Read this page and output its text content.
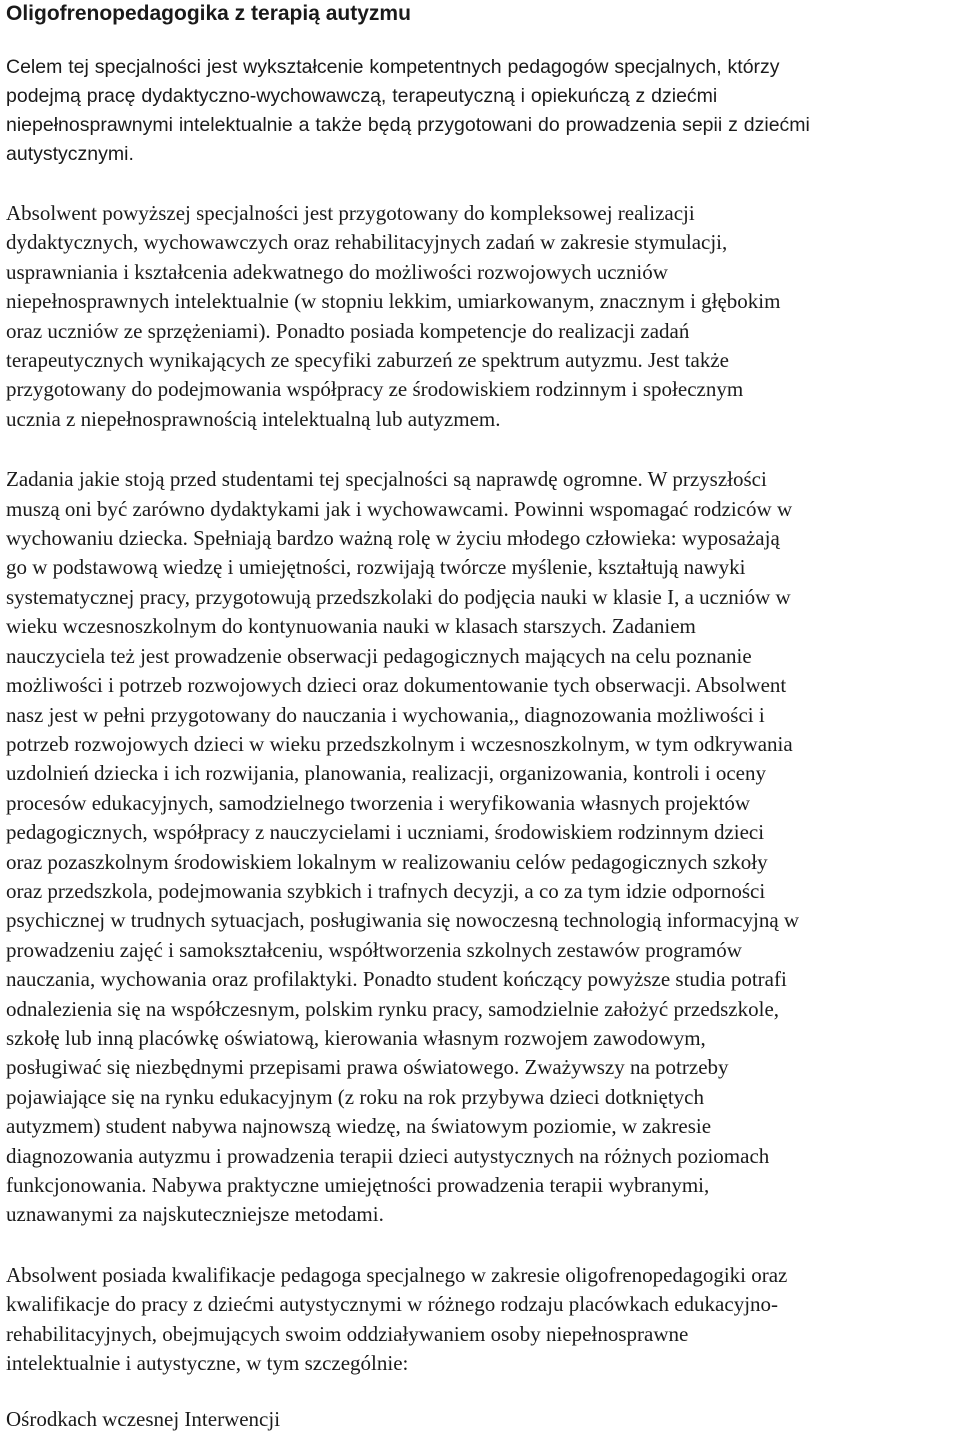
Oligofrenopedagogika z terapią autyzmu

Celem tej specjalności jest wykształcenie kompetentnych pedagogów specjalnych, którzy
podejmą pracę dydaktyczno-wychowawczą, terapeutyczną i opiekuńczą z dziećmi
niepełnosprawnymi intelektualnie a także będą przygotowani do prowadzenia sepii z dziećmi
autystycznymi.

Absolwent powyższej specjalności jest przygotowany do kompleksowej realizacji
dydaktycznych, wychowawczych oraz rehabilitacyjnych zadań w zakresie stymulacji,
usprawniania i kształcenia adekwatnego do możliwości rozwojowych uczniów
niepełnosprawnych intelektualnie (w stopniu lekkim, umiarkowanym, znacznym i głębokim
oraz uczniów ze sprzężeniami). Ponadto posiada kompetencje do realizacji zadań
terapeutycznych wynikających ze specyfiki zaburzeń ze spektrum autyzmu. Jest także
przygotowany do podejmowania współpracy ze środowiskiem rodzinnym i społecznym
ucznia z niepełnosprawnością intelektualną lub autyzmem.

Zadania jakie stoją przed studentami tej specjalności są naprawdę ogromne. W przyszłości
muszą oni być zarówno dydaktykami jak i wychowawcami. Powinni wspomagać rodziców w
wychowaniu dziecka. Spełniają bardzo ważną rolę w życiu młodego człowieka: wyposażają
go w podstawową wiedzę i umiejętności, rozwijają twórcze myślenie, kształtują nawyki
systematycznej pracy, przygotowują przedszkolaki do podjęcia nauki w klasie I, a uczniów w
wieku wczesnoszkolnym do kontynuowania nauki w klasach starszych. Zadaniem
nauczyciela też jest prowadzenie obserwacji pedagogicznych mających na celu poznanie
możliwości i potrzeb rozwojowych dzieci oraz dokumentowanie tych obserwacji. Absolwent
nasz jest w pełni przygotowany do nauczania i wychowania,, diagnozowania możliwości i
potrzeb rozwojowych dzieci w wieku przedszkolnym i wczesnoszkolnym, w tym odkrywania
uzdolnień dziecka i ich rozwijania, planowania, realizacji, organizowania, kontroli i oceny
procesów edukacyjnych, samodzielnego tworzenia i weryfikowania własnych projektów
pedagogicznych, współpracy z nauczycielami i uczniami, środowiskiem rodzinnym dzieci
oraz pozaszkolnym środowiskiem lokalnym w realizowaniu celów pedagogicznych szkoły
oraz przedszkola, podejmowania szybkich i trafnych decyzji, a co za tym idzie odporności
psychicznej w trudnych sytuacjach, posługiwania się nowoczesną technologią informacyjną w
prowadzeniu zajęć i samokształceniu, współtworzenia szkolnych zestawów programów
nauczania, wychowania oraz profilaktyki. Ponadto student kończący powyższe studia potrafi
odnalezienia się na współczesnym, polskim rynku pracy, samodzielnie założyć przedszkole,
szkołę lub inną placówkę oświatową, kierowania własnym rozwojem zawodowym,
posługiwać się niezbędnymi przepisami prawa oświatowego. Zważywszy na potrzeby
pojawiające się na rynku edukacyjnym (z roku na rok przybywa dzieci dotkniętych
autyzmem) student nabywa najnowszą wiedzę, na światowym poziomie, w zakresie
diagnozowania autyzmu i prowadzenia terapii dzieci autystycznych na różnych poziomach
funkcjonowania. Nabywa praktyczne umiejętności prowadzenia terapii wybranymi,
uznawanymi za najskuteczniejsze metodami.

Absolwent posiada kwalifikacje pedagoga specjalnego w zakresie oligofrenopedagogiki oraz
kwalifikacje do pracy z dziećmi autystycznymi w różnego rodzaju placówkach edukacyjno-
rehabilitacyjnych, obejmujących swoim oddziaływaniem osoby niepełnosprawne
intelektualnie i autystyczne, w tym szczególnie:

Ośrodkach wczesnej Interwencji
